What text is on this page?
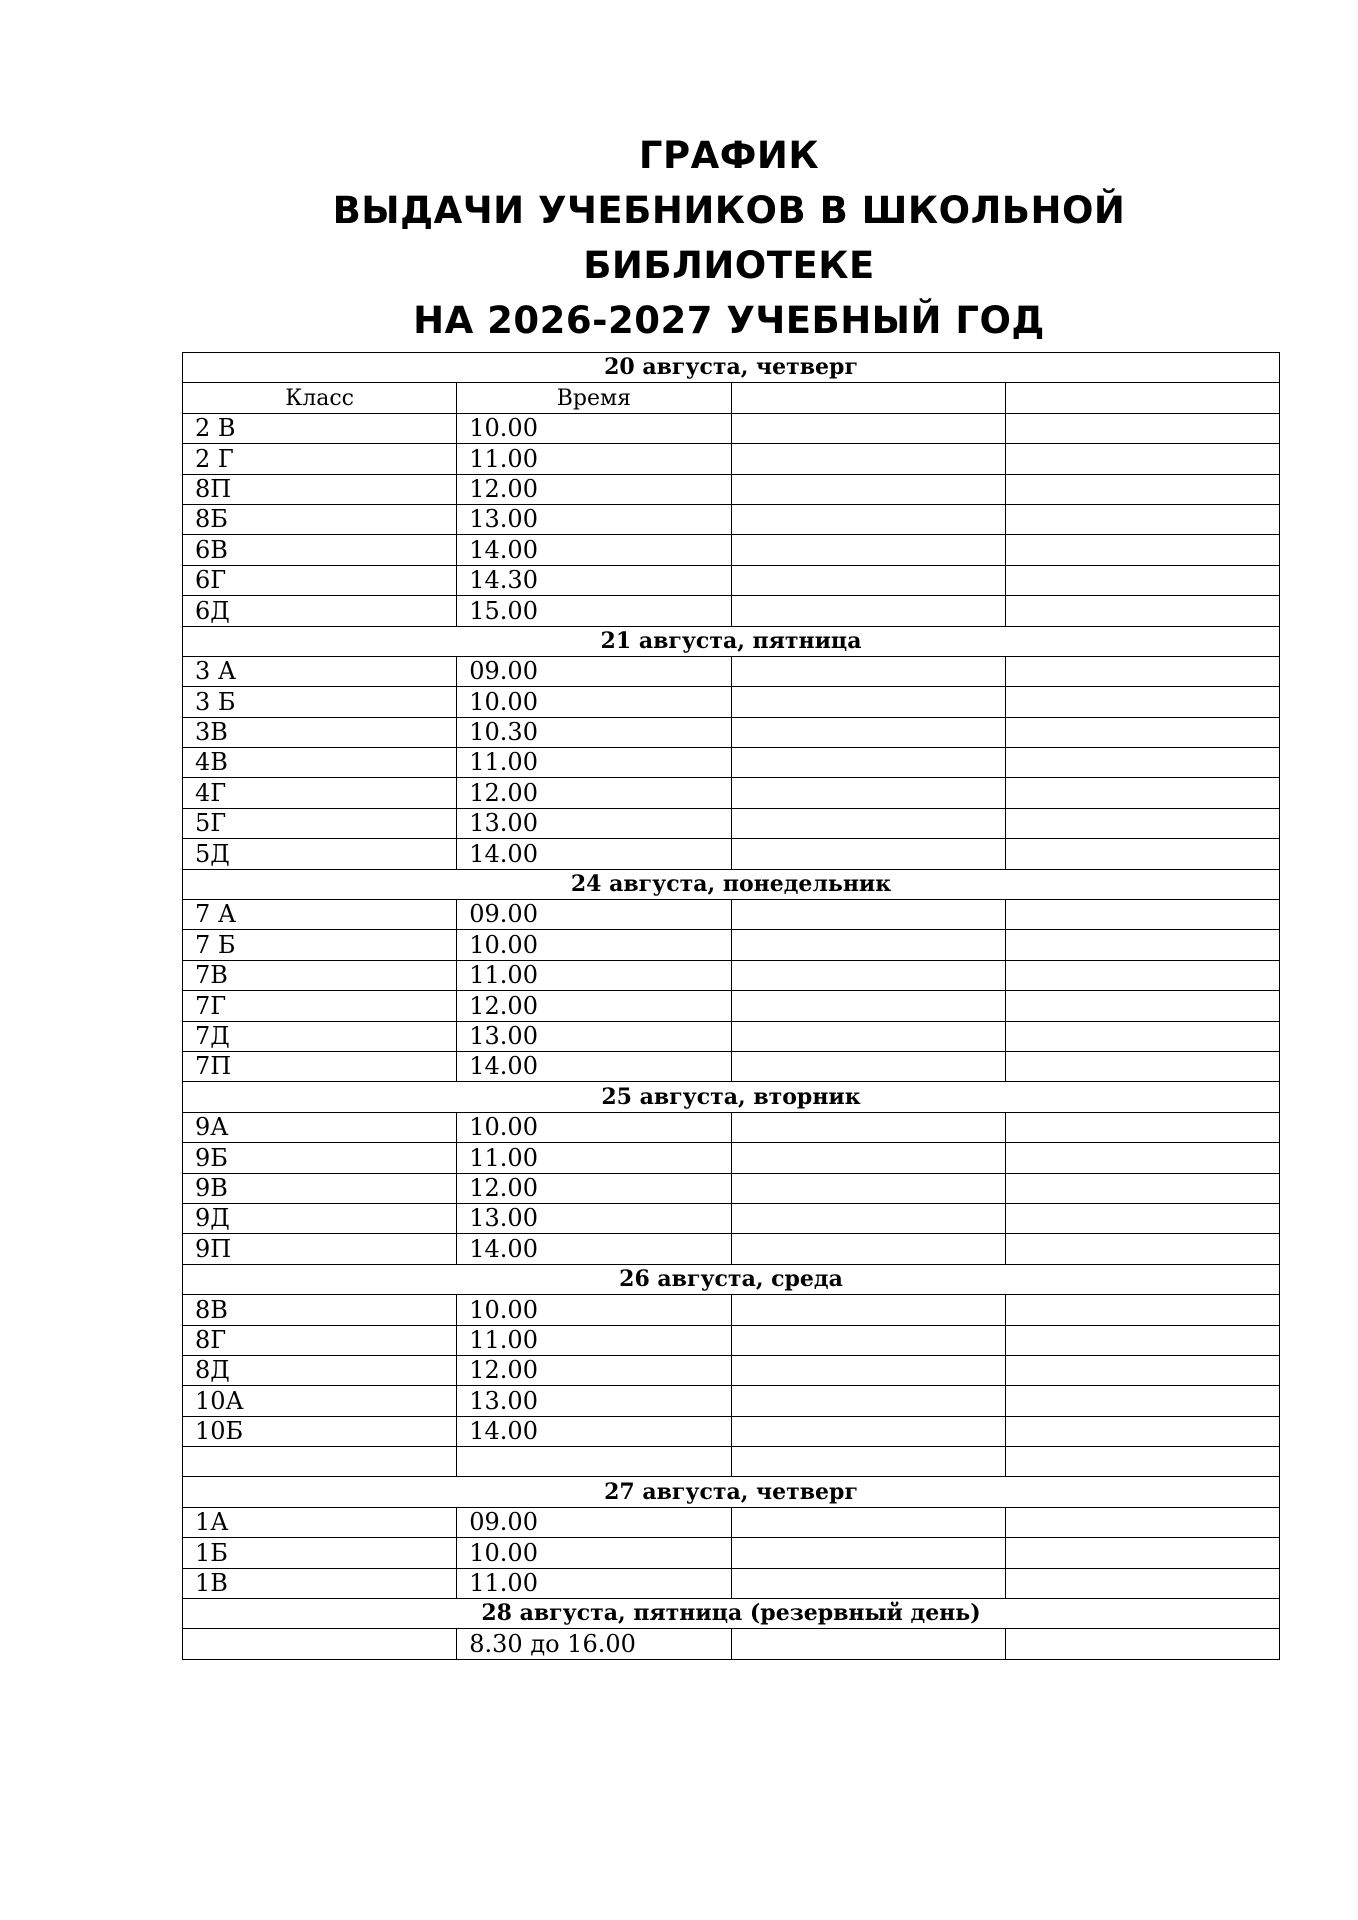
ГРАФИК

ВЫДАЧИ УЧЕБНИКОВ В ШКОЛЬНОЙ

БИБЛИОТЕКЕ

НА 2026-2027 УЧЕБНЫЙ ГОД

20 августа, четверг			
Класс	Время		
2 В	10.00		
2 Г	11.00		
8П	12.00		
8Б	13.00		
6В	14.00		
6Г	14.30		
6Д	15.00		
21 августа, пятница			
3 А	09.00		
3 Б	10.00		
3В	10.30		
4В	11.00		
4Г	12.00		
5Г	13.00		
5Д	14.00		
24 августа, понедельник			
7 А	09.00		
7 Б	10.00		
7В	11.00		
7Г	12.00		
7Д	13.00		
7П	14.00		
25 августа, вторник			
9А	10.00		
9Б	11.00		
9В	12.00		
9Д	13.00		
9П	14.00		
26 августа, среда			
8В	10.00		
8Г	11.00		
8Д	12.00		
10А	13.00		
10Б	14.00		

27 августа, четверг			
1А	09.00		
1Б	10.00		
1В	11.00		
28 августа, пятница (резервный день)			
	8.30 до 16.00		
